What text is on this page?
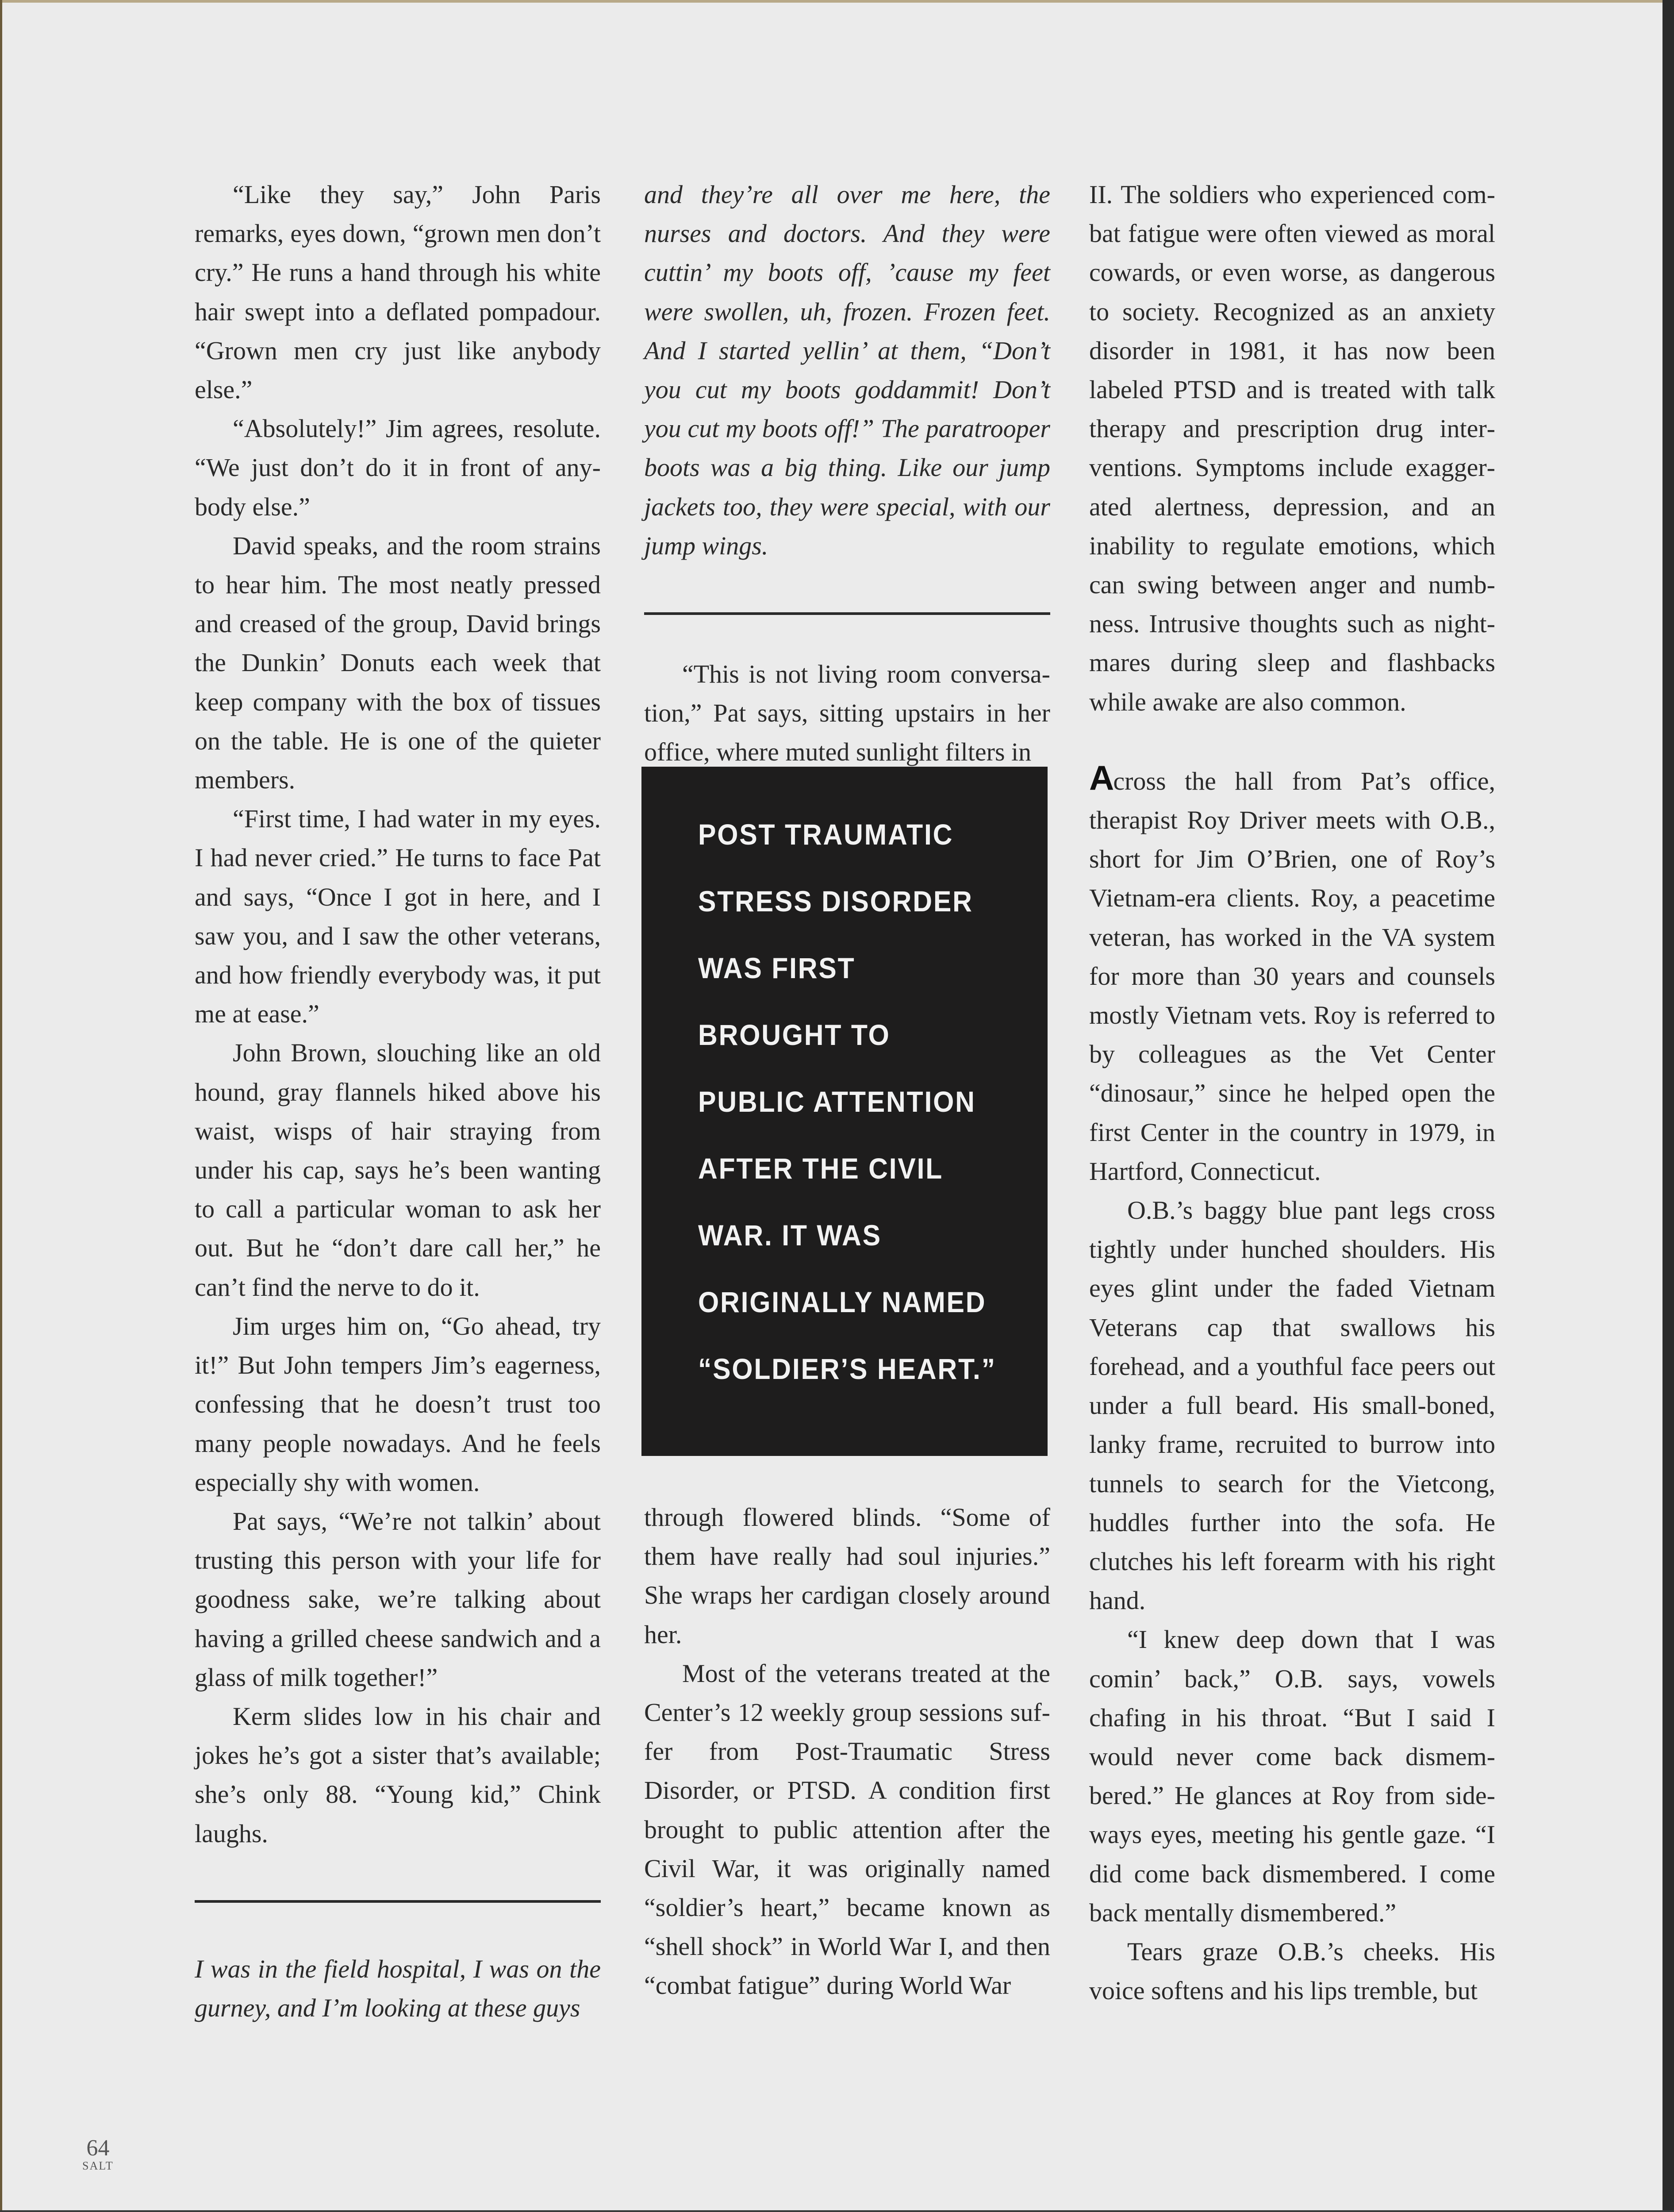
“Like they say,” John Paris remarks, eyes down, “grown men don’t cry.” He runs a hand through his white hair swept into a deflated pompadour. “Grown men cry just like anybody else.”

“Absolutely!” Jim agrees, resolute. “We just don’t do it in front of anybody else.”

David speaks, and the room strains to hear him. The most neatly pressed and creased of the group, David brings the Dunkin’ Donuts each week that keep company with the box of tissues on the table. He is one of the quieter members.

“First time, I had water in my eyes. I had never cried.” He turns to face Pat and says, “Once I got in here, and I saw you, and I saw the other veterans, and how friendly everybody was, it put me at ease.”

John Brown, slouching like an old hound, gray flannels hiked above his waist, wisps of hair straying from under his cap, says he’s been wanting to call a particular woman to ask her out. But he “don’t dare call her,” he can’t find the nerve to do it.

Jim urges him on, “Go ahead, try it!” But John tempers Jim’s eagerness, confessing that he doesn’t trust too many people nowadays. And he feels especially shy with women.

Pat says, “We’re not talkin’ about trusting this person with your life for goodness sake, we’re talking about having a grilled cheese sandwich and a glass of milk together!”

Kerm slides low in his chair and jokes he’s got a sister that’s available; she’s only 88. “Young kid,” Chink laughs.

I was in the field hospital, I was on the gurney, and I’m looking at these guys

and they’re all over me here, the nurses and doctors. And they were cuttin’ my boots off, ’cause my feet were swollen, uh, frozen. Frozen feet. And I started yellin’ at them, “Don’t you cut my boots goddammit! Don’t you cut my boots off!” The paratrooper boots was a big thing. Like our jump jackets too, they were special, with our jump wings.

“This is not living room conversation,” Pat says, sitting upstairs in her office, where muted sunlight filters in

POST TRAUMATIC
STRESS DISORDER
WAS FIRST
BROUGHT TO
PUBLIC ATTENTION
AFTER THE CIVIL
WAR. IT WAS
ORIGINALLY NAMED
“SOLDIER’S HEART.”

through flowered blinds. “Some of them have really had soul injuries.” She wraps her cardigan closely around her.

Most of the veterans treated at the Center’s 12 weekly group sessions suffer from Post-Traumatic Stress Disorder, or PTSD. A condition first brought to public attention after the Civil War, it was originally named “soldier’s heart,” became known as “shell shock” in World War I, and then “combat fatigue” during World War

II. The soldiers who experienced combat fatigue were often viewed as moral cowards, or even worse, as dangerous to society. Recognized as an anxiety disorder in 1981, it has now been labeled PTSD and is treated with talk therapy and prescription drug interventions. Symptoms include exaggerated alertness, depression, and an inability to regulate emotions, which can swing between anger and numbness. Intrusive thoughts such as nightmares during sleep and flashbacks while awake are also common.

Across the hall from Pat’s office, therapist Roy Driver meets with O.B., short for Jim O’Brien, one of Roy’s Vietnam-era clients. Roy, a peacetime veteran, has worked in the VA system for more than 30 years and counsels mostly Vietnam vets. Roy is referred to by colleagues as the Vet Center “dinosaur,” since he helped open the first Center in the country in 1979, in Hartford, Connecticut.

O.B.’s baggy blue pant legs cross tightly under hunched shoulders. His eyes glint under the faded Vietnam Veterans cap that swallows his forehead, and a youthful face peers out under a full beard. His small-boned, lanky frame, recruited to burrow into tunnels to search for the Vietcong, huddles further into the sofa. He clutches his left forearm with his right hand.

“I knew deep down that I was comin’ back,” O.B. says, vowels chafing in his throat. “But I said I would never come back dismembered.” He glances at Roy from sideways eyes, meeting his gentle gaze. “I did come back dismembered. I come back mentally dismembered.”

Tears graze O.B.’s cheeks. His voice softens and his lips tremble, but

64
SALT
